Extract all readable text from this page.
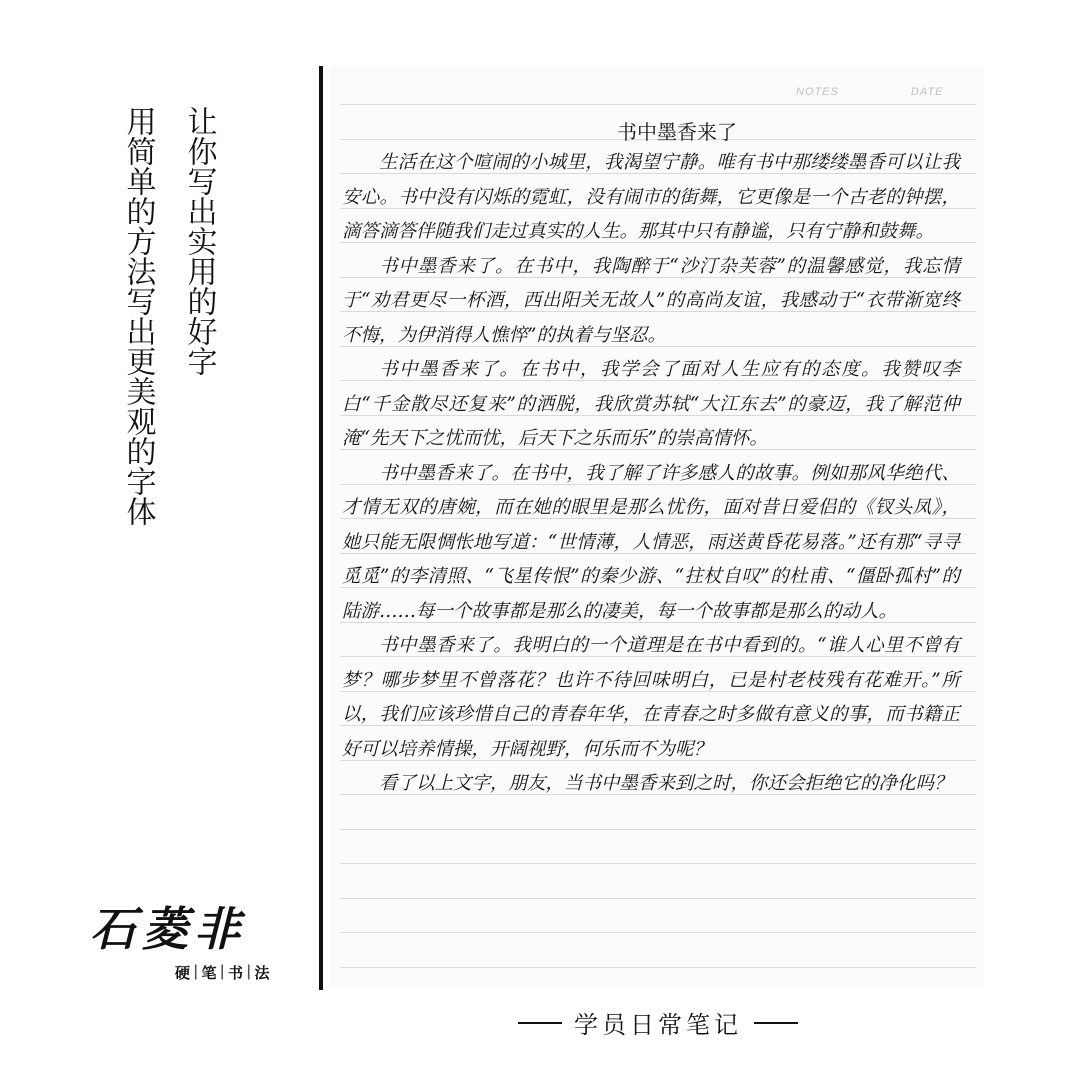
让你写出实用的好字
用简单的方法写出更美观的字体
石菱非
硬 | 笔 | 书 | 法
NOTES	DATE
书中墨香来了

生活在这个喧闹的小城里，我渴望宁静。唯有书中那缕缕墨香可以让我安心。书中没有闪烁的霓虹，没有闹市的街舞，它更像是一个古老的钟摆，滴答滴答伴随我们走过真实的人生。那其中只有静谧，只有宁静和鼓舞。

书中墨香来了。在书中，我陶醉于“沙汀杂芙蓉”的温馨感觉，我忘情于“劝君更尽一杯酒，西出阳关无故人”的高尚友谊，我感动于“衣带渐宽终不悔，为伊消得人憔悴”的执着与坚忍。

书中墨香来了。在书中，我学会了面对人生应有的态度。我赞叹李白“千金散尽还复来”的洒脱，我欣赏苏轼“大江东去”的豪迈，我了解范仲淹“先天下之忧而忧，后天下之乐而乐”的崇高情怀。

书中墨香来了。在书中，我了解了许多感人的故事。例如那风华绝代、才情无双的唐婉，而在她的眼里是那么忧伤，面对昔日爱侣的《钗头凤》，她只能无限惆怅地写道：“世情薄，人情恶，雨送黄昏花易落。”还有那“寻寻觅觅”的李清照、“飞星传恨”的秦少游、“拄杖自叹”的杜甫、“僵卧孤村”的陆游……每一个故事都是那么的凄美，每一个故事都是那么的动人。

书中墨香来了。我明白的一个道理是在书中看到的。“谁人心里不曾有梦？哪步梦里不曾落花？也许不待回味明白，已是村老枝残有花难开。”所以，我们应该珍惜自己的青春年华，在青春之时多做有意义的事，而书籍正好可以培养情操，开阔视野，何乐而不为呢？

看了以上文字，朋友，当书中墨香来到之时，你还会拒绝它的净化吗？

学员日常笔记
